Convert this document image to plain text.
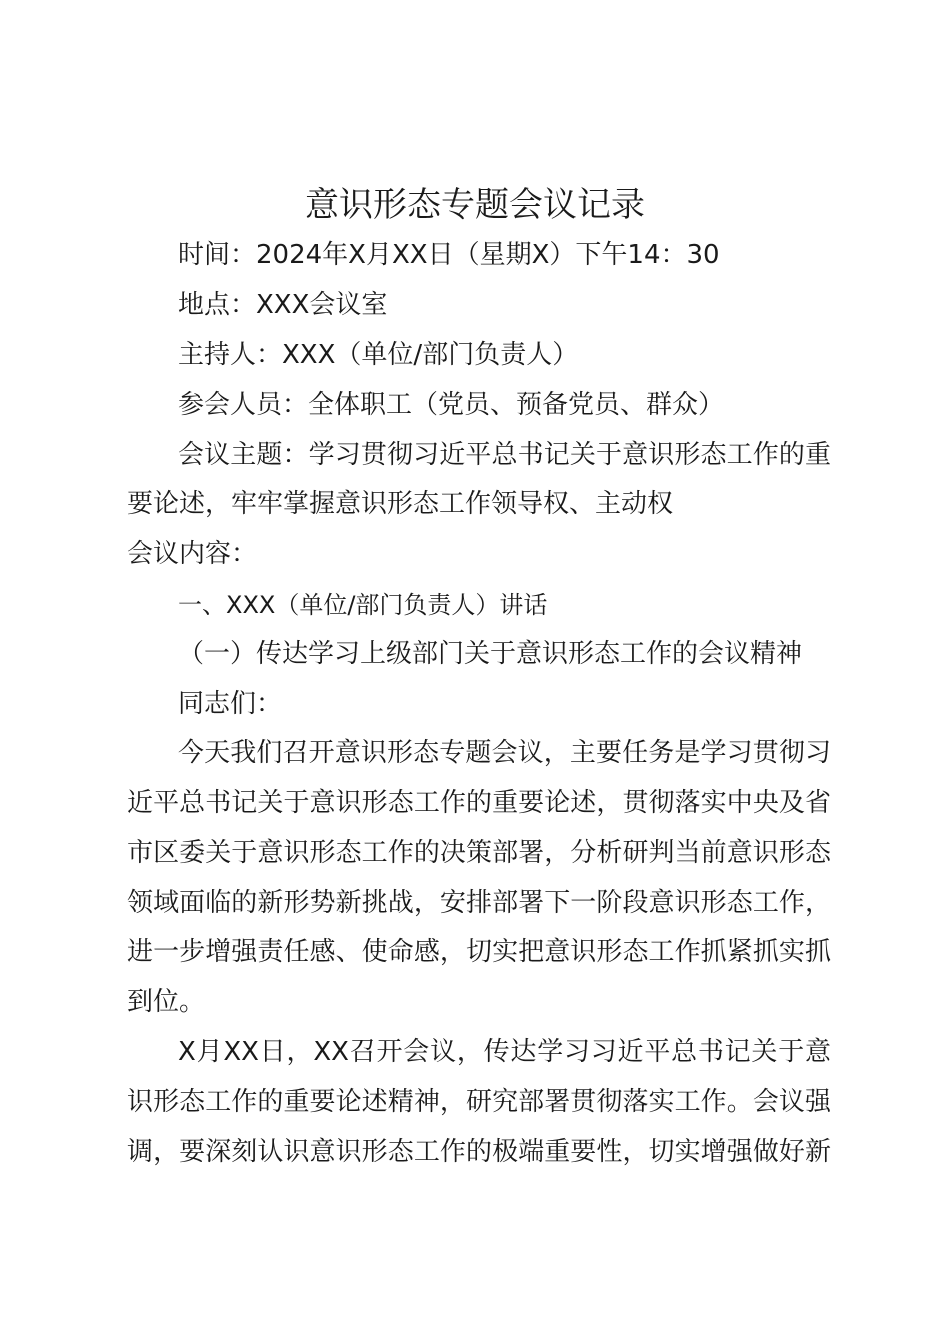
意识形态专题会议记录

时间：2024年X月XX日（星期X）下午14：30

地点：XXX会议室

主持人：XXX（单位/部门负责人）

参会人员：全体职工（党员、预备党员、群众）

会议主题：学习贯彻习近平总书记关于意识形态工作的重

要论述，牢牢掌握意识形态工作领导权、主动权

会议内容：

一、XXX（单位/部门负责人）讲话

（一）传达学习上级部门关于意识形态工作的会议精神

同志们：

今天我们召开意识形态专题会议，主要任务是学习贯彻习

近平总书记关于意识形态工作的重要论述，贯彻落实中央及省

市区委关于意识形态工作的决策部署，分析研判当前意识形态

领域面临的新形势新挑战，安排部署下一阶段意识形态工作，

进一步增强责任感、使命感，切实把意识形态工作抓紧抓实抓

到位。

X月XX日，XX召开会议，传达学习习近平总书记关于意

识形态工作的重要论述精神，研究部署贯彻落实工作。会议强

调，要深刻认识意识形态工作的极端重要性，切实增强做好新
